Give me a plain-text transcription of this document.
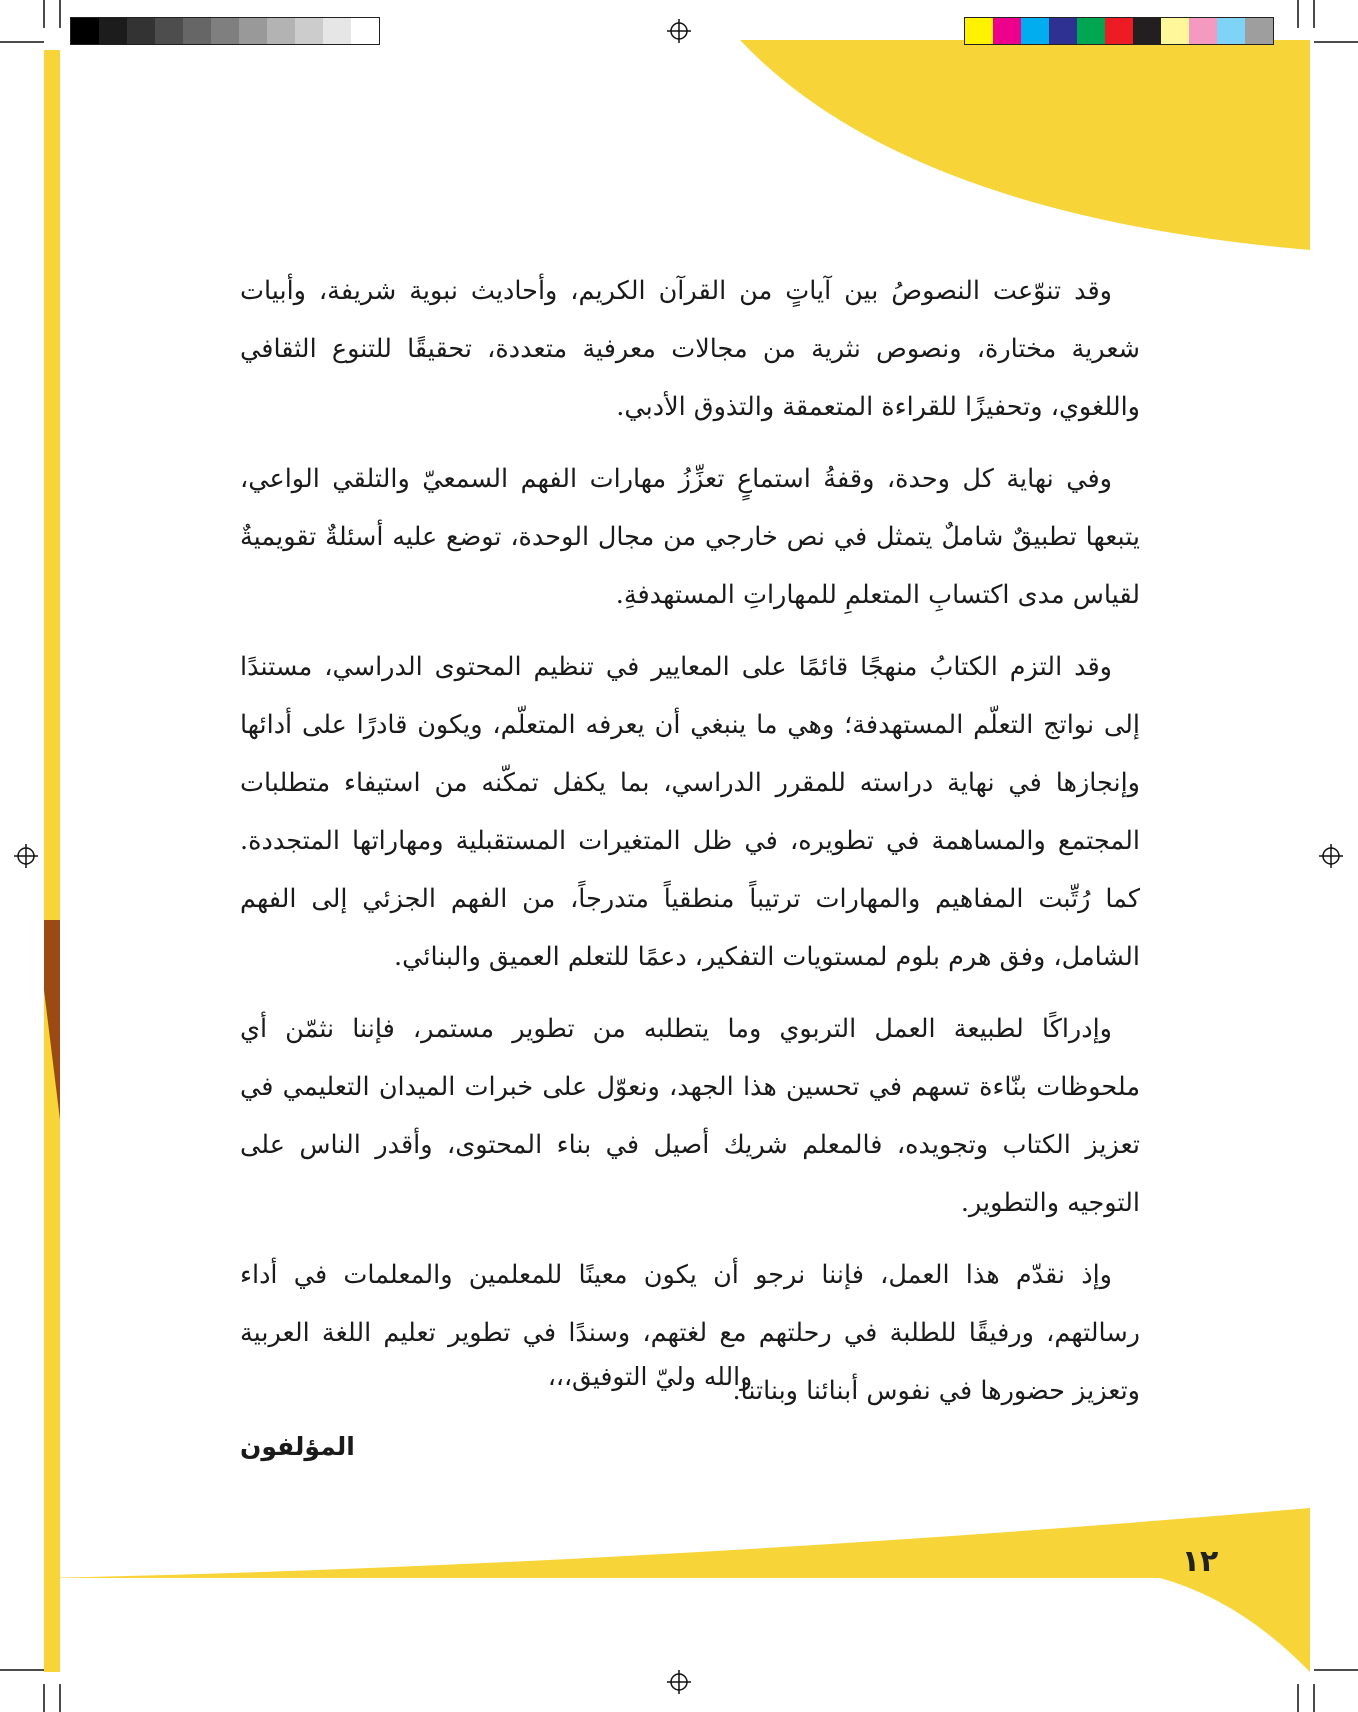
وقد تنوّعت النصوصُ بين آياتٍ من القرآن الكريم، وأحاديث نبوية شريفة، وأبيات شعرية مختارة، ونصوص نثرية من مجالات معرفية متعددة، تحقيقًا للتنوع الثقافي واللغوي، وتحفيزًا للقراءة المتعمقة والتذوق الأدبي.

وفي نهاية كل وحدة، وقفةُ استماعٍ تعزِّزُ مهارات الفهم السمعيّ والتلقي الواعي، يتبعها تطبيقٌ شاملٌ يتمثل في نص خارجي من مجال الوحدة، توضع عليه أسئلةٌ تقويميةٌ لقياس مدى اكتسابِ المتعلمِ للمهاراتِ المستهدفةِ.

وقد التزم الكتابُ منهجًا قائمًا على المعايير في تنظيم المحتوى الدراسي، مستندًا إلى نواتج التعلّم المستهدفة؛ وهي ما ينبغي أن يعرفه المتعلّم، ويكون قادرًا على أدائها وإنجازها في نهاية دراسته للمقرر الدراسي، بما يكفل تمكّنه من استيفاء متطلبات المجتمع والمساهمة في تطويره، في ظل المتغيرات المستقبلية ومهاراتها المتجددة. كما رُتِّبت المفاهيم والمهارات ترتيباً منطقياً متدرجاً، من الفهم الجزئي إلى الفهم الشامل، وفق هرم بلوم لمستويات التفكير، دعمًا للتعلم العميق والبنائي.

وإدراكًا لطبيعة العمل التربوي وما يتطلبه من تطوير مستمر، فإننا نثمّن أي ملحوظات بنّاءة تسهم في تحسين هذا الجهد، ونعوّل على خبرات الميدان التعليمي في تعزيز الكتاب وتجويده، فالمعلم شريك أصيل في بناء المحتوى، وأقدر الناس على التوجيه والتطوير.

وإذ نقدّم هذا العمل، فإننا نرجو أن يكون معينًا للمعلمين والمعلمات في أداء رسالتهم، ورفيقًا للطلبة في رحلتهم مع لغتهم، وسندًا في تطوير تعليم اللغة العربية وتعزيز حضورها في نفوس أبنائنا وبناتنا.

والله وليّ التوفيق،،،
المؤلفون
١٢
